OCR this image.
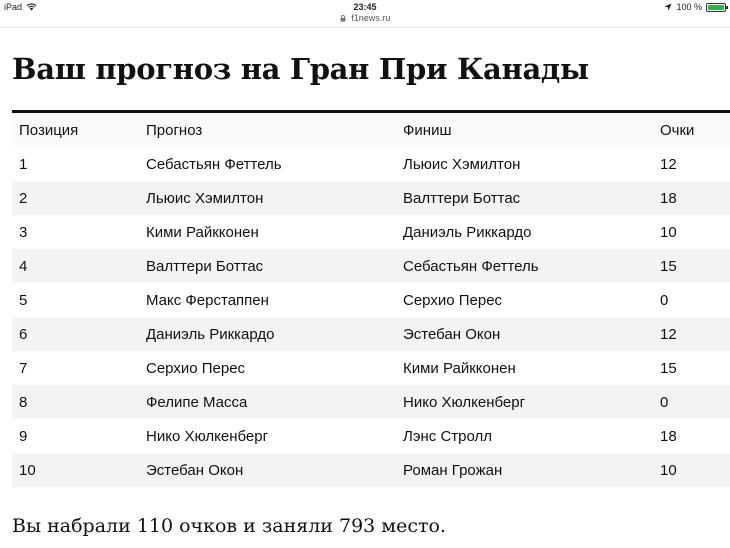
iPad	23:45	100 %
f1news.ru
Ваш прогноз на Гран При Канады
Позиция	Прогноз	Финиш	Очки
1	Себастьян Феттель	Льюис Хэмилтон	12
2	Льюис Хэмилтон	Валттери Боттас	18
3	Кими Райкконен	Даниэль Риккардо	10
4	Валттери Боттас	Себастьян Феттель	15
5	Макс Ферстаппен	Серхио Перес	0
6	Даниэль Риккардо	Эстебан Окон	12
7	Серхио Перес	Кими Райкконен	15
8	Фелипе Масса	Нико Хюлкенберг	0
9	Нико Хюлкенберг	Лэнс Стролл	18
10	Эстебан Окон	Роман Грожан	10

Вы набрали 110 очков и заняли 793 место.
